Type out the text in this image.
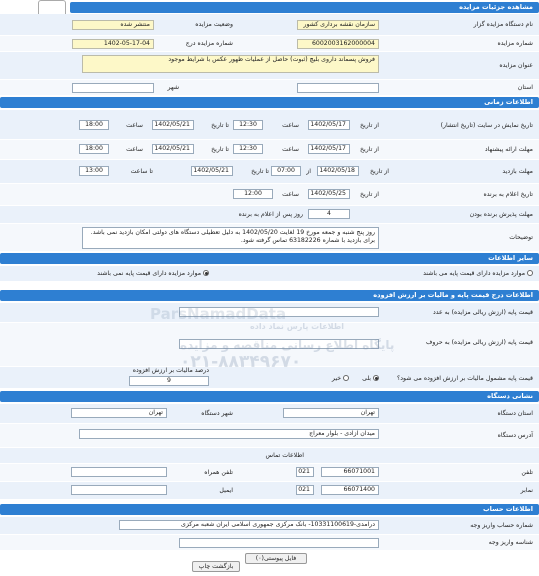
مشاهده جزئیات مزایده
نام دستگاه مزایده گزار
سازمان نقشه برداری کشور
وضعیت مزایده
منتشر شده
شماره مزایده
6002003162000004
شماره مزایده درج
1402-05-17-04
عنوان مزایده
فروش پسماند داروی بلیچ (ثبوت) حاصل از عملیات ظهور عکس با شرایط موجود
استان
شهر
اطلاعات زمانی
تاریخ نمایش در سایت (تاریخ انتشار)
از تاریخ
1402/05/17
ساعت
12:30
تا تاریخ
1402/05/21
ساعت
18:00
مهلت ارائه پیشنهاد
از تاریخ
1402/05/17
ساعت
12:30
تا تاریخ
1402/05/21
ساعت
18:00
مهلت بازدید
از تاریخ
1402/05/18
از
07:00
تا تاریخ
1402/05/21
تا ساعت
13:00
تاریخ اعلام به برنده
از تاریخ
1402/05/25
ساعت
12:00
مهلت پذیرش برنده بودن
4
روز پس از اعلام به برنده
توضیحات
روز پنج شنبه و جمعه مورخ 19 لغایت 1402/05/20 به دلیل تعطیلی دستگاه های دولتی امکان بازدید نمی باشد. برای بازدید با شماره 63182226 تماس گرفته شود.
سایر اطلاعات
موارد مزایده دارای قیمت پایه می باشند
موارد مزایده دارای قیمت پایه نمی باشند
اطلاعات درج قیمت پایه و مالیات بر ارزش افزوده
قیمت پایه (ارزش ریالی مزایده) به عدد
قیمت پایه (ارزش ریالی مزایده) به حروف
قیمت پایه مشمول مالیات بر ارزش افزوده می شود؟
بلی
خیر
درصد مالیات بر ارزش افزوده
9
نشانی دستگاه
استان دستگاه
تهران
شهر دستگاه
تهران
آدرس دستگاه
میدان آزادی - بلوار معراج
اطلاعات تماس
تلفن
66071001
021
تلفن همراه
نمابر
66071400
021
ایمیل
اطلاعات حساب
شماره حساب واریز وجه
درآمدی-10331100619- بانک مرکزی جمهوری اسلامی ایران شعبه مرکزی
شناسه واریز وجه
فایل پیوستی(۰)
بازگشت چاپ
ParsNamadData
اطلاعات پارس نماد داده
پایگاه اطلاع رسانی مناقصه و مزایده
۰۲۱-۸۸۳۴۹۶۷۰
